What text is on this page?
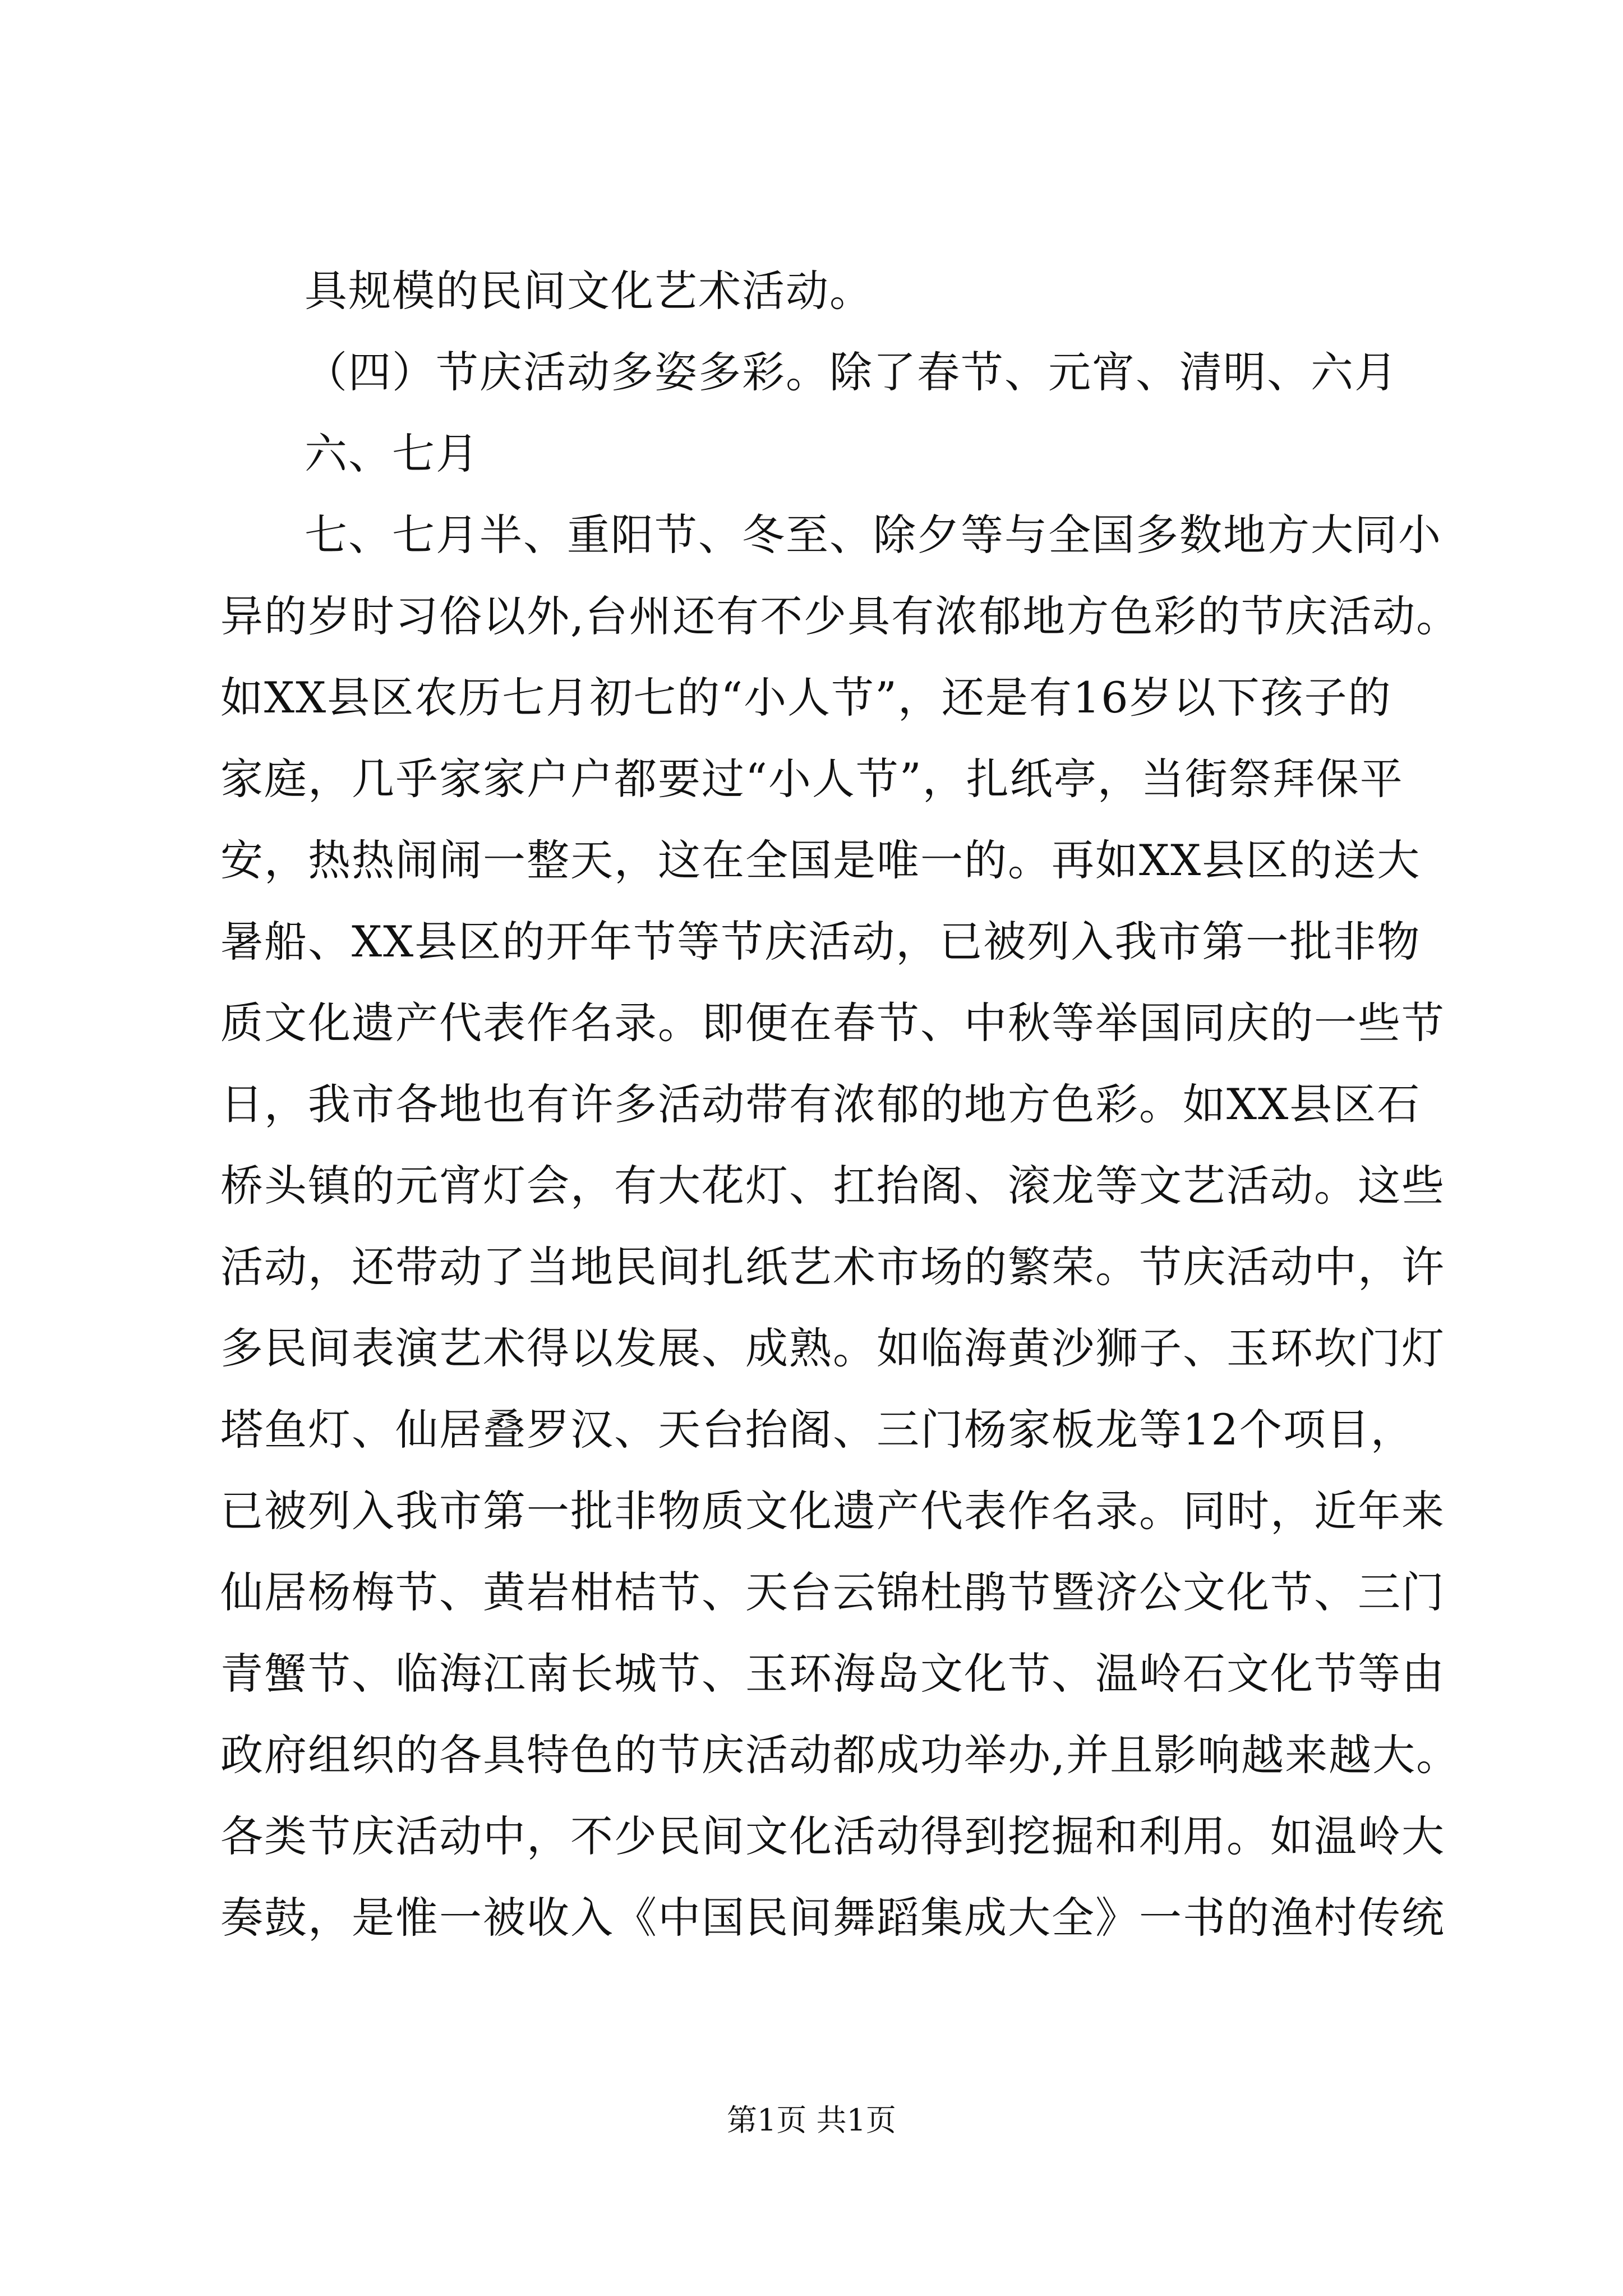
具规模的民间文化艺术活动。
（四）节庆活动多姿多彩。除了春节、元宵、清明、六月
六、七月
七、七月半、重阳节、冬至、除夕等与全国多数地方大同小
异的岁时习俗以外,台州还有不少具有浓郁地方色彩的节庆活动。
如XX县区农历七月初七的“小人节”，还是有16岁以下孩子的
家庭，几乎家家户户都要过“小人节”，扎纸亭，当街祭拜保平
安，热热闹闹一整天，这在全国是唯一的。再如XX县区的送大
暑船、XX县区的开年节等节庆活动，已被列入我市第一批非物
质文化遗产代表作名录。即便在春节、中秋等举国同庆的一些节
日，我市各地也有许多活动带有浓郁的地方色彩。如XX县区石
桥头镇的元宵灯会，有大花灯、扛抬阁、滚龙等文艺活动。这些
活动，还带动了当地民间扎纸艺术市场的繁荣。节庆活动中，许
多民间表演艺术得以发展、成熟。如临海黄沙狮子、玉环坎门灯
塔鱼灯、仙居叠罗汉、天台抬阁、三门杨家板龙等12个项目，
已被列入我市第一批非物质文化遗产代表作名录。同时，近年来
仙居杨梅节、黄岩柑桔节、天台云锦杜鹃节暨济公文化节、三门
青蟹节、临海江南长城节、玉环海岛文化节、温岭石文化节等由
政府组织的各具特色的节庆活动都成功举办,并且影响越来越大。
各类节庆活动中，不少民间文化活动得到挖掘和利用。如温岭大
奏鼓，是惟一被收入《中国民间舞蹈集成大全》一书的渔村传统
第1页 共1页
